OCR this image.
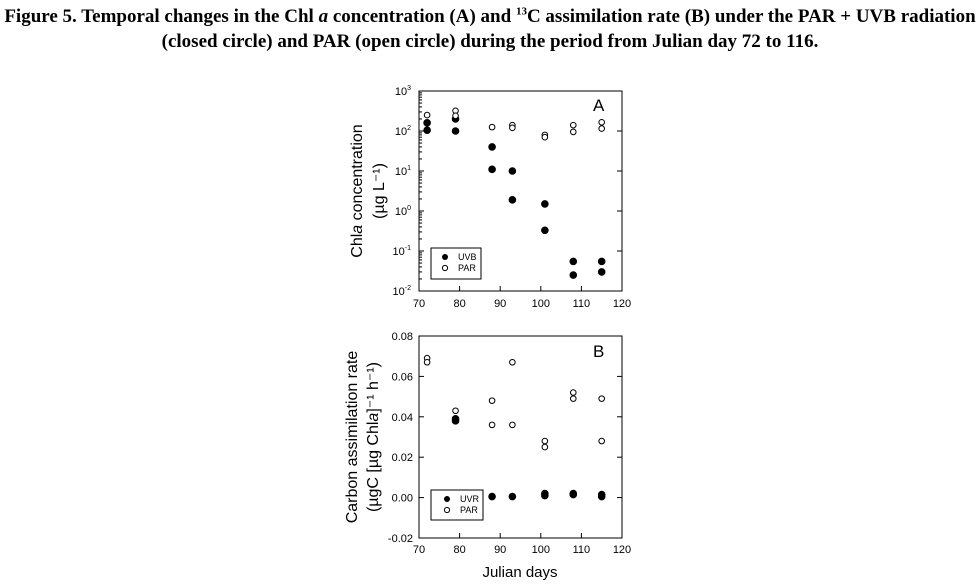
Figure 5. Temporal changes in the Chl a concentration (A) and $^{13}$C assimilation rate (B) under the PAR + UVB radiation
(closed circle) and PAR (open circle) during the period from Julian day 72 to 116.
$10^3$
$10^2$
$10^1$
$10^0$
$10^{-1}$
$10^{-2}$
70	80	90 100 110 120
A
UVB
PAR
Chla concentration (µg L⁻¹)
0.08
0.06
0.04
0.02
0.00
-0.02
70	80	90 100 110 120
B
UVR
PAR
Carbon assimilation rate (µgC [µg Chla]⁻¹ h⁻¹)
Julian days
